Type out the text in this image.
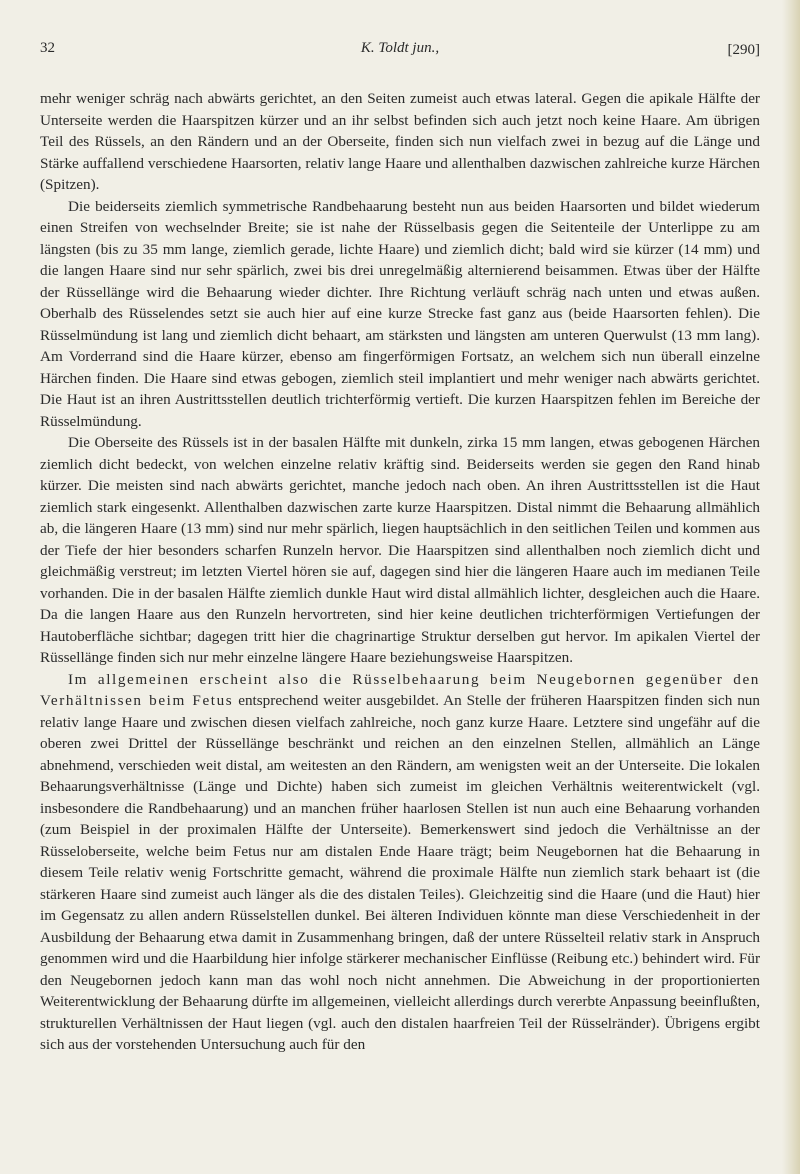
32	K. Toldt jun.,	[290]

mehr weniger schräg nach abwärts gerichtet, an den Seiten zumeist auch etwas lateral. Gegen die apikale Hälfte der Unterseite werden die Haarspitzen kürzer und an ihr selbst befinden sich auch jetzt noch keine Haare. Am übrigen Teil des Rüssels, an den Rändern und an der Oberseite, finden sich nun vielfach zwei in bezug auf die Länge und Stärke auffallend verschiedene Haarsorten, relativ lange Haare und allenthalben dazwischen zahlreiche kurze Härchen (Spitzen).

Die beiderseits ziemlich symmetrische Randbehaarung besteht nun aus beiden Haarsorten und bildet wiederum einen Streifen von wechselnder Breite; sie ist nahe der Rüsselbasis gegen die Seitenteile der Unterlippe zu am längsten (bis zu 35 mm lange, ziemlich gerade, lichte Haare) und ziemlich dicht; bald wird sie kürzer (14 mm) und die langen Haare sind nur sehr spärlich, zwei bis drei unregelmäßig alternierend beisammen. Etwas über der Hälfte der Rüssellänge wird die Behaarung wieder dichter. Ihre Richtung verläuft schräg nach unten und etwas außen. Oberhalb des Rüsselendes setzt sie auch hier auf eine kurze Strecke fast ganz aus (beide Haarsorten fehlen). Die Rüsselmündung ist lang und ziemlich dicht behaart, am stärksten und längsten am unteren Querwulst (13 mm lang). Am Vorderrand sind die Haare kürzer, ebenso am fingerförmigen Fortsatz, an welchem sich nun überall einzelne Härchen finden. Die Haare sind etwas gebogen, ziemlich steil implantiert und mehr weniger nach abwärts gerichtet. Die Haut ist an ihren Austrittsstellen deutlich trichterförmig vertieft. Die kurzen Haarspitzen fehlen im Bereiche der Rüsselmündung.

Die Oberseite des Rüssels ist in der basalen Hälfte mit dunkeln, zirka 15 mm langen, etwas gebogenen Härchen ziemlich dicht bedeckt, von welchen einzelne relativ kräftig sind. Beiderseits werden sie gegen den Rand hinab kürzer. Die meisten sind nach abwärts gerichtet, manche jedoch nach oben. An ihren Austrittsstellen ist die Haut ziemlich stark eingesenkt. Allenthalben dazwischen zarte kurze Haarspitzen. Distal nimmt die Behaarung allmählich ab, die längeren Haare (13 mm) sind nur mehr spärlich, liegen hauptsächlich in den seitlichen Teilen und kommen aus der Tiefe der hier besonders scharfen Runzeln hervor. Die Haarspitzen sind allenthalben noch ziemlich dicht und gleichmäßig verstreut; im letzten Viertel hören sie auf, dagegen sind hier die längeren Haare auch im medianen Teile vorhanden. Die in der basalen Hälfte ziemlich dunkle Haut wird distal allmählich lichter, desgleichen auch die Haare. Da die langen Haare aus den Runzeln hervortreten, sind hier keine deutlichen trichterförmigen Vertiefungen der Hautoberfläche sichtbar; dagegen tritt hier die chagrinartige Struktur derselben gut hervor. Im apikalen Viertel der Rüssellänge finden sich nur mehr einzelne längere Haare beziehungsweise Haarspitzen.

Im allgemeinen erscheint also die Rüsselbehaarung beim Neugebornen gegenüber den Verhältnissen beim Fetus entsprechend weiter ausgebildet. An Stelle der früheren Haarspitzen finden sich nun relativ lange Haare und zwischen diesen vielfach zahlreiche, noch ganz kurze Haare. Letztere sind ungefähr auf die oberen zwei Drittel der Rüssellänge beschränkt und reichen an den einzelnen Stellen, allmählich an Länge abnehmend, verschieden weit distal, am weitesten an den Rändern, am wenigsten weit an der Unterseite. Die lokalen Behaarungsverhältnisse (Länge und Dichte) haben sich zumeist im gleichen Verhältnis weiterentwickelt (vgl. insbesondere die Randbehaarung) und an manchen früher haarlosen Stellen ist nun auch eine Behaarung vorhanden (zum Beispiel in der proximalen Hälfte der Unterseite). Bemerkenswert sind jedoch die Verhältnisse an der Rüsseloberseite, welche beim Fetus nur am distalen Ende Haare trägt; beim Neugebornen hat die Behaarung in diesem Teile relativ wenig Fortschritte gemacht, während die proximale Hälfte nun ziemlich stark behaart ist (die stärkeren Haare sind zumeist auch länger als die des distalen Teiles). Gleichzeitig sind die Haare (und die Haut) hier im Gegensatz zu allen andern Rüsselstellen dunkel. Bei älteren Individuen könnte man diese Verschiedenheit in der Ausbildung der Behaarung etwa damit in Zusammenhang bringen, daß der untere Rüsselteil relativ stark in Anspruch genommen wird und die Haarbildung hier infolge stärkerer mechanischer Einflüsse (Reibung etc.) behindert wird. Für den Neugebornen jedoch kann man das wohl noch nicht annehmen. Die Abweichung in der proportionierten Weiterentwicklung der Behaarung dürfte im allgemeinen, vielleicht allerdings durch vererbte Anpassung beeinflußten, strukturellen Verhältnissen der Haut liegen (vgl. auch den distalen haarfreien Teil der Rüsselränder). Übrigens ergibt sich aus der vorstehenden Untersuchung auch für den
